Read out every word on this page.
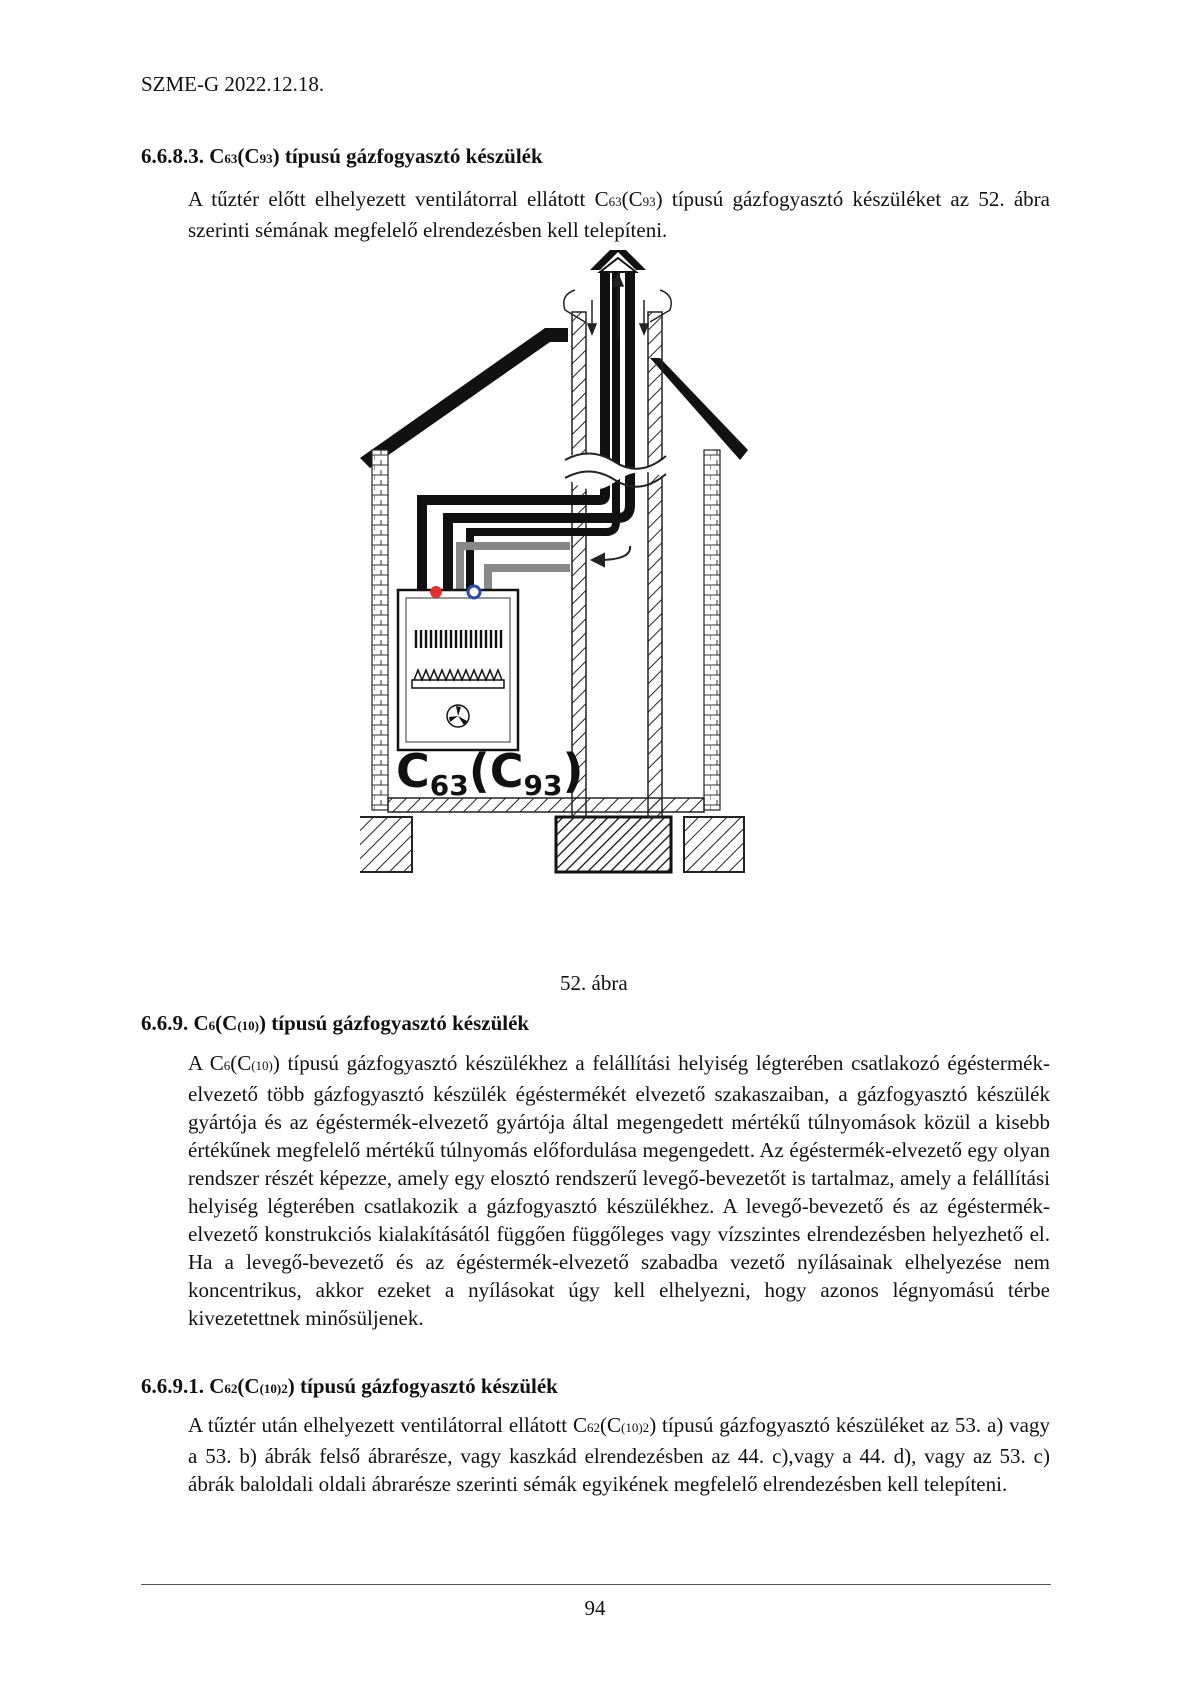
SZME-G 2022.12.18.
6.6.8.3. C63(C93) típusú gázfogyasztó készülék
A tűztér előtt elhelyezett ventilátorral ellátott C63(C93) típusú gázfogyasztó készüléket az 52. ábra szerinti sémának megfelelő elrendezésben kell telepíteni.
C63(C93)
52. ábra
6.6.9. C6(C(10)) típusú gázfogyasztó készülék
A C6(C(10)) típusú gázfogyasztó készülékhez a felállítási helyiség légterében csatlakozó égéstermék-elvezető több gázfogyasztó készülék égéstermékét elvezető szakaszaiban, a gázfogyasztó készülék gyártója és az égéstermék-elvezető gyártója által megengedett mértékű túlnyomások közül a kisebb értékűnek megfelelő mértékű túlnyomás előfordulása megengedett. Az égéstermék-elvezető egy olyan rendszer részét képezze, amely egy elosztó rendszerű levegő-bevezetőt is tartalmaz, amely a felállítási helyiség légterében csatlakozik a gázfogyasztó készülékhez. A levegő-bevezető és az égéstermék-elvezető konstrukciós kialakításától függően függőleges vagy vízszintes elrendezésben helyezhető el. Ha a levegő-bevezető és az égéstermék-elvezető szabadba vezető nyílásainak elhelyezése nem koncentrikus, akkor ezeket a nyílásokat úgy kell elhelyezni, hogy azonos légnyomású térbe kivezetettnek minősüljenek.
6.6.9.1. C62(C(10)2) típusú gázfogyasztó készülék
A tűztér után elhelyezett ventilátorral ellátott C62(C(10)2) típusú gázfogyasztó készüléket az 53. a) vagy a 53. b) ábrák felső ábrarésze, vagy kaszkád elrendezésben az 44. c),vagy a 44. d), vagy az 53. c) ábrák baloldali oldali ábrarésze szerinti sémák egyikének megfelelő elrendezésben kell telepíteni.
94
